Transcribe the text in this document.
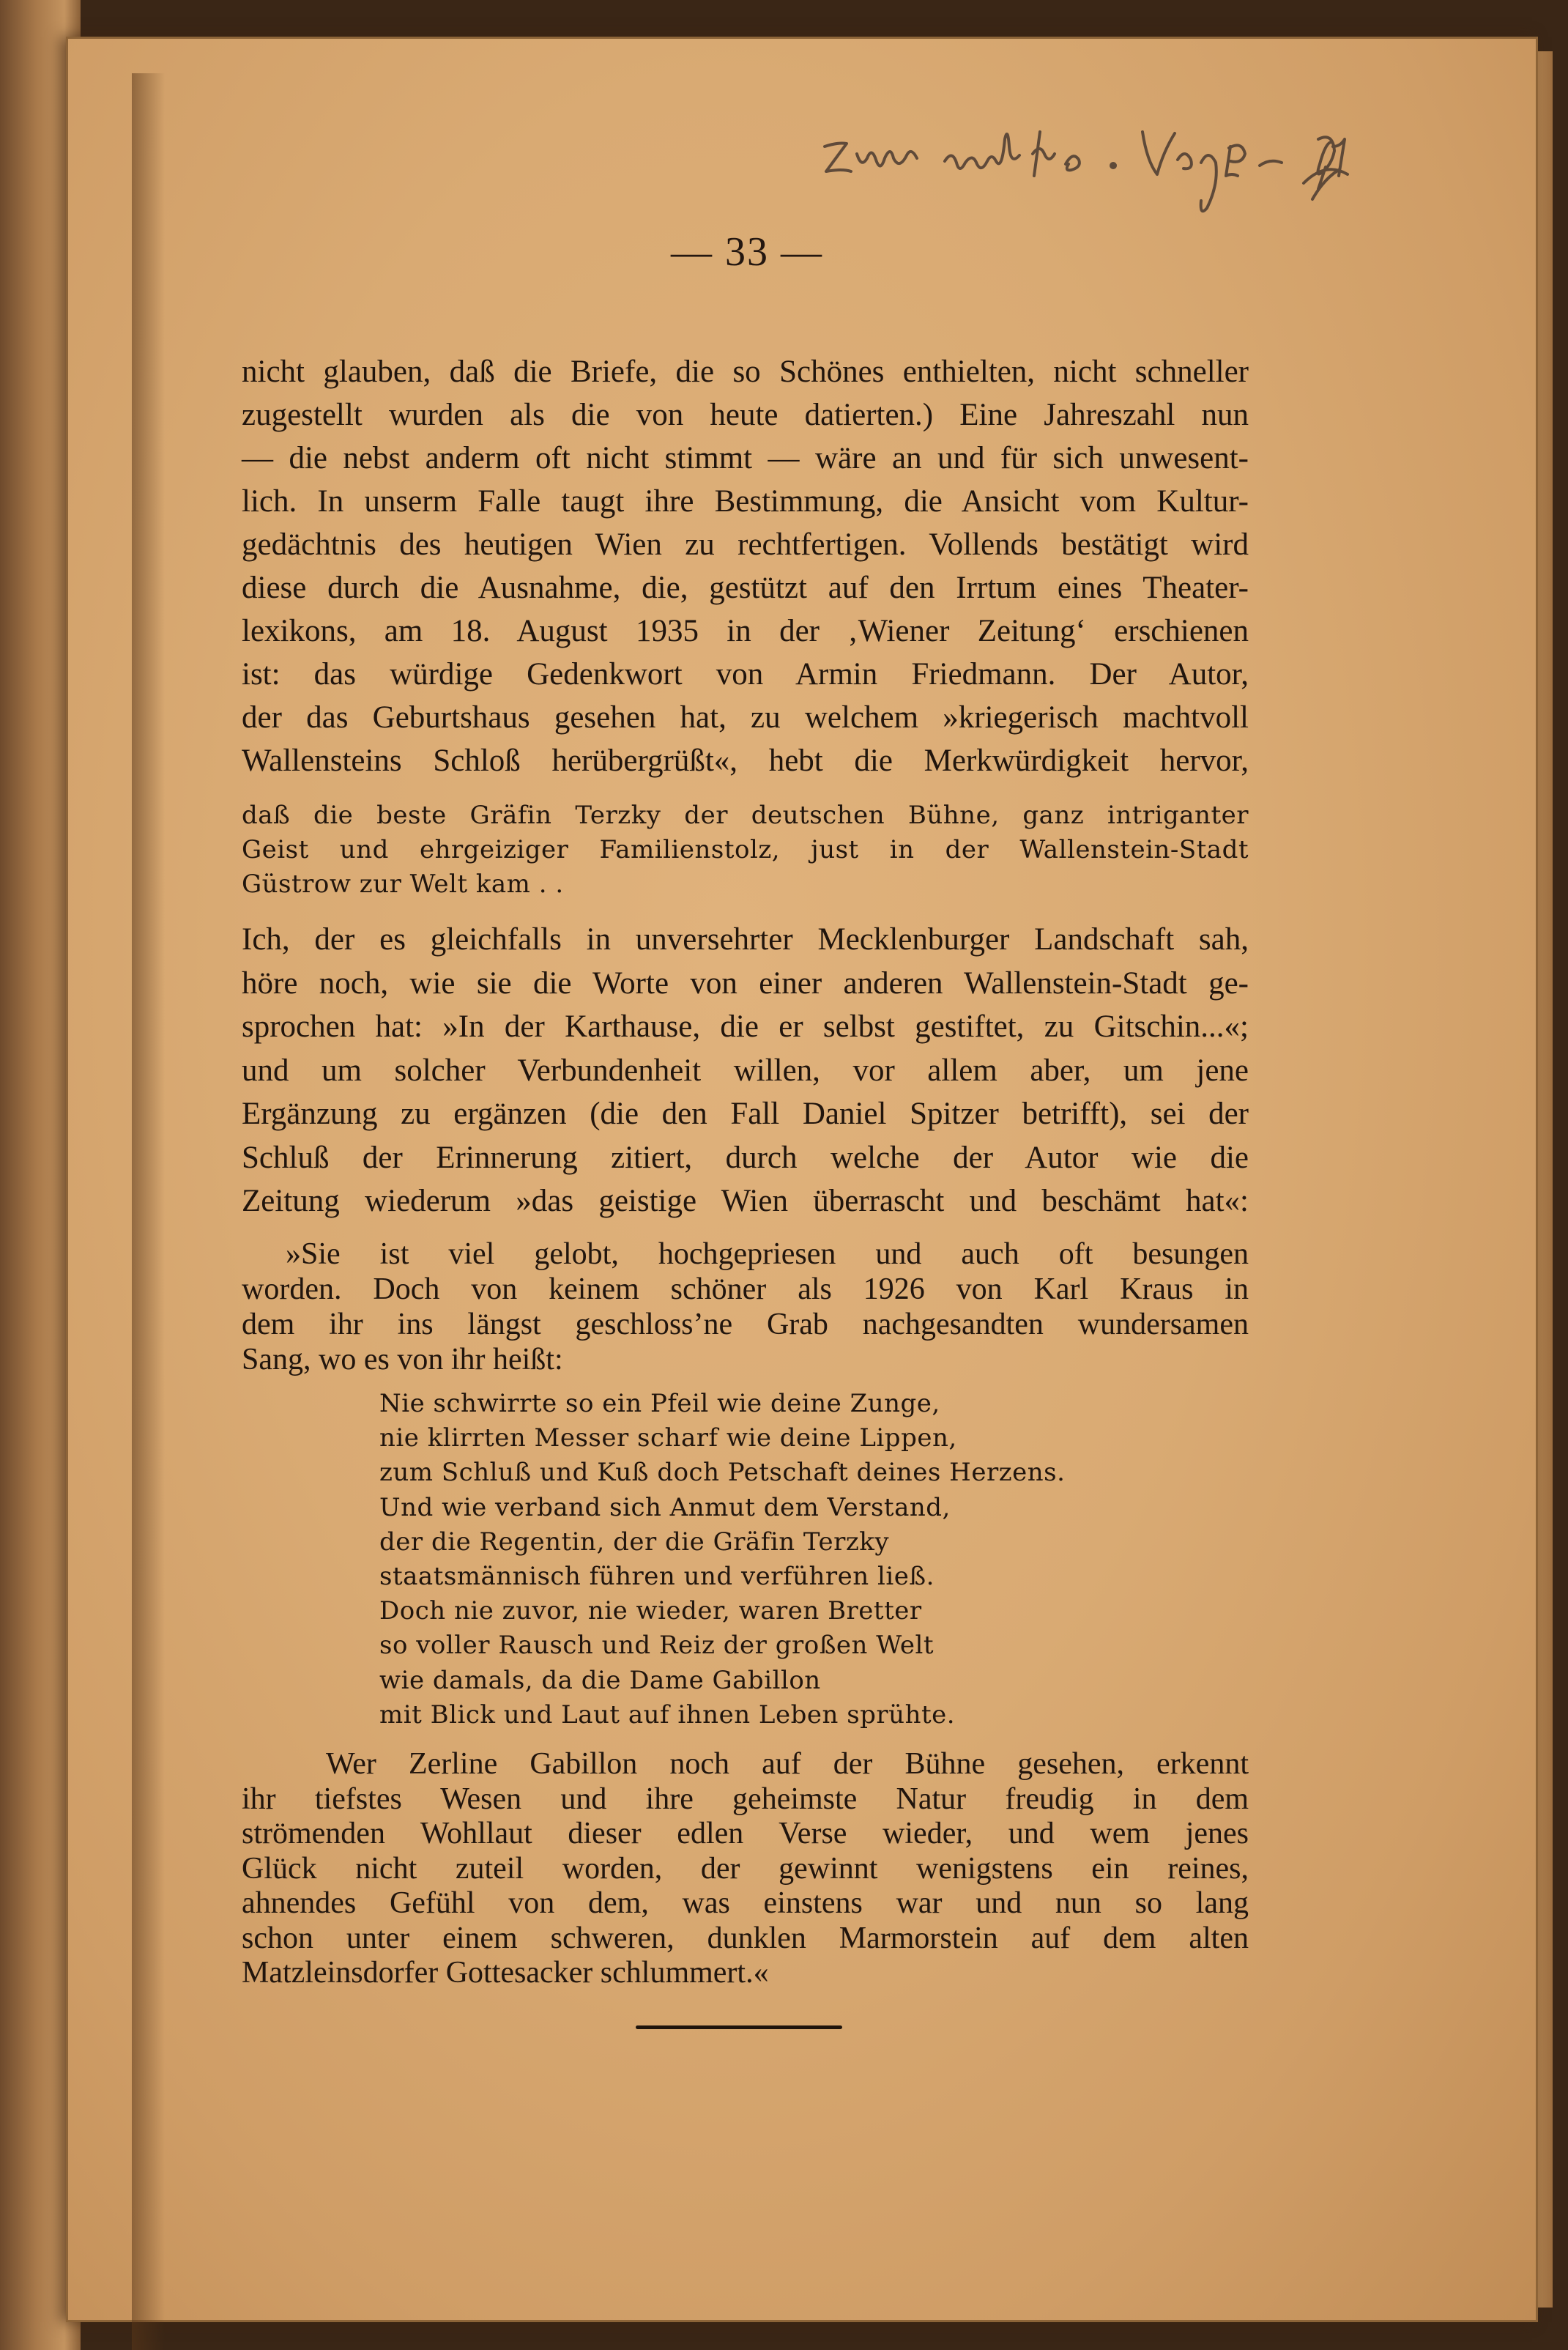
— 33 —

nicht glauben, daß die Briefe, die so Schönes enthielten, nicht schneller

zugestellt wurden als die von heute datierten.) Eine Jahreszahl nun

— die nebst anderm oft nicht stimmt — wäre an und für sich unwesent-

lich. In unserm Falle taugt ihre Bestimmung, die Ansicht vom Kultur-

gedächtnis des heutigen Wien zu rechtfertigen. Vollends bestätigt wird

diese durch die Ausnahme, die, gestützt auf den Irrtum eines Theater-

lexikons, am 18. August 1935 in der ‚Wiener Zeitung‘ erschienen

ist: das würdige Gedenkwort von Armin Friedmann. Der Autor,

der das Geburtshaus gesehen hat, zu welchem »kriegerisch machtvoll

Wallensteins Schloß herübergrüßt«, hebt die Merkwürdigkeit hervor,

daß die beste Gräfin Terzky der deutschen Bühne, ganz intriganter
Geist und ehrgeiziger Familienstolz, just in der Wallenstein-Stadt
Güstrow zur Welt kam . .
Ich, der es gleichfalls in unversehrter Mecklenburger Landschaft sah,
höre noch, wie sie die Worte von einer anderen Wallenstein-Stadt ge-
sprochen hat: »In der Karthause, die er selbst gestiftet, zu Gitschin...«;
und um solcher Verbundenheit willen, vor allem aber, um jene
Ergänzung zu ergänzen (die den Fall Daniel Spitzer betrifft), sei der
Schluß der Erinnerung zitiert, durch welche der Autor wie die
Zeitung wiederum »das geistige Wien überrascht und beschämt hat«:
»Sie ist viel gelobt, hochgepriesen und auch oft besungen
worden. Doch von keinem schöner als 1926 von Karl Kraus in
dem ihr ins längst geschloss’ne Grab nachgesandten wundersamen
Sang, wo es von ihr heißt:
Nie schwirrte so ein Pfeil wie deine Zunge,
nie klirrten Messer scharf wie deine Lippen,
zum Schluß und Kuß doch Petschaft deines Herzens.
Und wie verband sich Anmut dem Verstand,
der die Regentin, der die Gräfin Terzky
staatsmännisch führen und verführen ließ.
Doch nie zuvor, nie wieder, waren Bretter
so voller Rausch und Reiz der großen Welt
wie damals, da die Dame Gabillon
mit Blick und Laut auf ihnen Leben sprühte.
Wer Zerline Gabillon noch auf der Bühne gesehen, erkennt
ihr tiefstes Wesen und ihre geheimste Natur freudig in dem
strömenden Wohllaut dieser edlen Verse wieder, und wem jenes
Glück nicht zuteil worden, der gewinnt wenigstens ein reines,
ahnendes Gefühl von dem, was einstens war und nun so lang
schon unter einem schweren, dunklen Marmorstein auf dem alten
Matzleinsdorfer Gottesacker schlummert.«
